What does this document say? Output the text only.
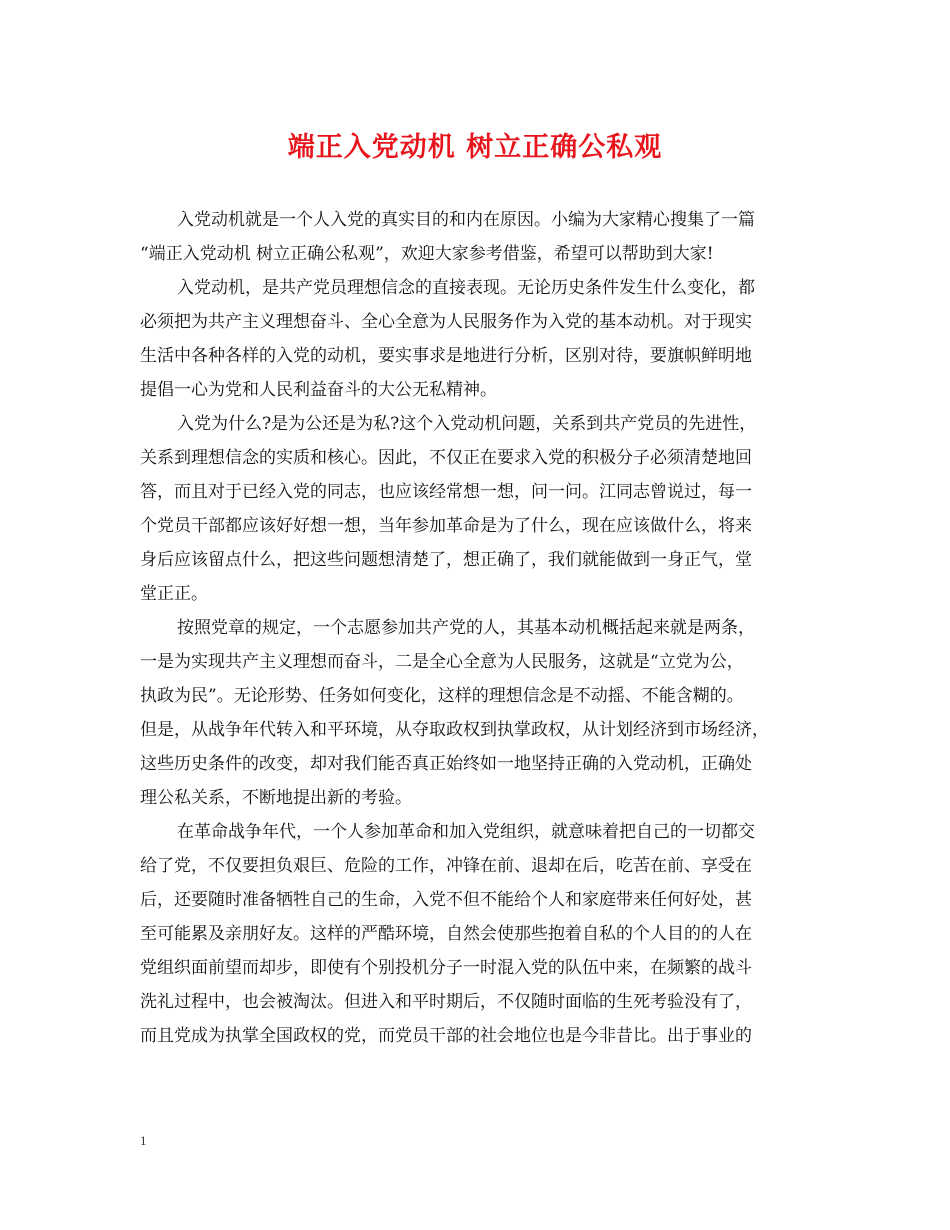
端正入党动机 树立正确公私观
入党动机就是一个人入党的真实目的和内在原因。小编为大家精心搜集了一篇
“端正入党动机 树立正确公私观”，欢迎大家参考借鉴，希望可以帮助到大家!
入党动机，是共产党员理想信念的直接表现。无论历史条件发生什么变化，都
必须把为共产主义理想奋斗、全心全意为人民服务作为入党的基本动机。对于现实
生活中各种各样的入党的动机，要实事求是地进行分析，区别对待，要旗帜鲜明地
提倡一心为党和人民利益奋斗的大公无私精神。
入党为什么?是为公还是为私?这个入党动机问题，关系到共产党员的先进性，
关系到理想信念的实质和核心。因此，不仅正在要求入党的积极分子必须清楚地回
答，而且对于已经入党的同志，也应该经常想一想，问一问。江同志曾说过，每一
个党员干部都应该好好想一想，当年参加革命是为了什么，现在应该做什么，将来
身后应该留点什么，把这些问题想清楚了，想正确了，我们就能做到一身正气，堂
堂正正。
按照党章的规定，一个志愿参加共产党的人，其基本动机概括起来就是两条，
一是为实现共产主义理想而奋斗，二是全心全意为人民服务，这就是“立党为公，
执政为民”。无论形势、任务如何变化，这样的理想信念是不动摇、不能含糊的。
但是，从战争年代转入和平环境，从夺取政权到执掌政权，从计划经济到市场经济，
这些历史条件的改变，却对我们能否真正始终如一地坚持正确的入党动机，正确处
理公私关系，不断地提出新的考验。
在革命战争年代，一个人参加革命和加入党组织，就意味着把自己的一切都交
给了党，不仅要担负艰巨、危险的工作，冲锋在前、退却在后，吃苦在前、享受在
后，还要随时准备牺牲自己的生命，入党不但不能给个人和家庭带来任何好处，甚
至可能累及亲朋好友。这样的严酷环境，自然会使那些抱着自私的个人目的的人在
党组织面前望而却步，即使有个别投机分子一时混入党的队伍中来，在频繁的战斗
洗礼过程中，也会被淘汰。但进入和平时期后，不仅随时面临的生死考验没有了，
而且党成为执掌全国政权的党，而党员干部的社会地位也是今非昔比。出于事业的
1
